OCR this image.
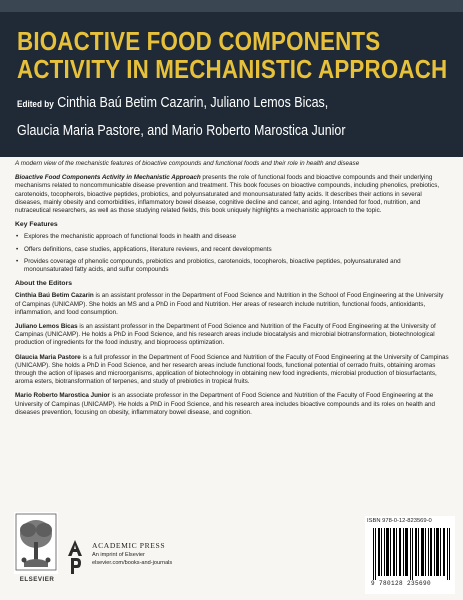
BIOACTIVE FOOD COMPONENTS
ACTIVITY IN MECHANISTIC APPROACH
Edited by Cinthia Baú Betim Cazarin, Juliano Lemos Bicas,
Glaucia Maria Pastore, and Mario Roberto Marostica Junior

A modern view of the mechanistic features of bioactive compounds and functional foods and their role in health and disease

Bioactive Food Components Activity in Mechanistic Approach presents the role of functional foods and bioactive compounds and their underlying mechanisms related to noncommunicable disease prevention and treatment. This book focuses on bioactive compounds, including phenolics, prebiotics, carotenoids, tocopherols, bioactive peptides, probiotics, and polyunsaturated and monounsaturated fatty acids. It describes their actions in several diseases, mainly obesity and comorbidities, inflammatory bowel disease, cognitive decline and cancer, and aging. Intended for food, nutrition, and nutraceutical researchers, as well as those studying related fields, this book uniquely highlights a mechanistic approach to the topic.

Key Features
• Explores the mechanistic approach of functional foods in health and disease
• Offers definitions, case studies, applications, literature reviews, and recent developments
• Provides coverage of phenolic compounds, prebiotics and probiotics, carotenoids, tocopherols, bioactive peptides, polyunsaturated and monounsaturated fatty acids, and sulfur compounds
About the Editors

Cinthia Baú Betim Cazarin is an assistant professor in the Department of Food Science and Nutrition in the School of Food Engineering at the University of Campinas (UNICAMP). She holds an MS and a PhD in Food and Nutrition. Her areas of research include nutrition, functional foods, antioxidants, inflammation, and food consumption.

Juliano Lemos Bicas is an assistant professor in the Department of Food Science and Nutrition of the Faculty of Food Engineering at the University of Campinas (UNICAMP). He holds a PhD in Food Science, and his research areas include biocatalysis and microbial biotransformation, biotechnological production of ingredients for the food industry, and bioprocess optimization.

Glaucia Maria Pastore is a full professor in the Department of Food Science and Nutrition of the Faculty of Food Engineering at the University of Campinas (UNICAMP). She holds a PhD in Food Science, and her research areas include functional foods, functional potential of cerrado fruits, obtaining aromas through the action of lipases and microorganisms, application of biotechnology in obtaining new food ingredients, microbial production of biosurfactants, aroma esters, biotransformation of terpenes, and study of prebiotics in tropical fruits.

Mario Roberto Marostica Junior is an associate professor in the Department of Food Science and Nutrition of the Faculty of Food Engineering at the University of Campinas (UNICAMP). He holds a PhD in Food Science, and his research area includes bioactive compounds and its roles on health and diseases prevention, focusing on obesity, inflammatory bowel disease, and cognition.

ELSEVIER
ACADEMIC PRESS
An imprint of Elsevier
elsevier.com/books-and-journals
ISBN 978-0-12-823569-0
9 780128 235690
